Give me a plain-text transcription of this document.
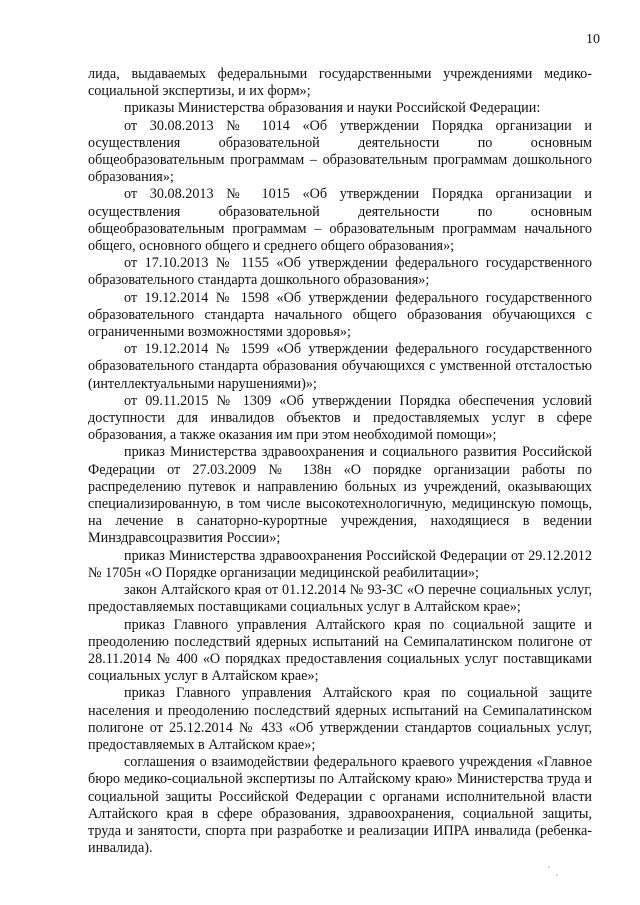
10

лида, выдаваемых федеральными государственными учреждениями медико-социальной экспертизы, и их форм»;

приказы Министерства образования и науки Российской Федерации:

от 30.08.2013 № 1014 «Об утверждении Порядка организации и осуществления образовательной деятельности по основным общеобразовательным программам – образовательным программам дошкольного образования»;

от 30.08.2013 № 1015 «Об утверждении Порядка организации и осуществления образовательной деятельности по основным общеобразовательным программам – образовательным программам начального общего, основного общего и среднего общего образования»;

от 17.10.2013 № 1155 «Об утверждении федерального государственного образовательного стандарта дошкольного образования»;

от 19.12.2014 № 1598 «Об утверждении федерального государственного образовательного стандарта начального общего образования обучающихся с ограниченными возможностями здоровья»;

от 19.12.2014 № 1599 «Об утверждении федерального государственного образовательного стандарта образования обучающихся с умственной отсталостью (интеллектуальными нарушениями)»;

от 09.11.2015 № 1309 «Об утверждении Порядка обеспечения условий доступности для инвалидов объектов и предоставляемых услуг в сфере образования, а также оказания им при этом необходимой помощи»;

приказ Министерства здравоохранения и социального развития Российской Федерации от 27.03.2009 № 138н «О порядке организации работы по распределению путевок и направлению больных из учреждений, оказывающих специализированную, в том числе высокотехнологичную, медицинскую помощь, на лечение в санаторно-курортные учреждения, находящиеся в ведении Минздравсоцразвития России»;

приказ Министерства здравоохранения Российской Федерации от 29.12.2012 № 1705н «О Порядке организации медицинской реабилитации»;

закон Алтайского края от 01.12.2014 № 93-ЗС «О перечне социальных услуг, предоставляемых поставщиками социальных услуг в Алтайском крае»;

приказ Главного управления Алтайского края по социальной защите и преодолению последствий ядерных испытаний на Семипалатинском полигоне от 28.11.2014 № 400 «О порядках предоставления социальных услуг поставщиками социальных услуг в Алтайском крае»;

приказ Главного управления Алтайского края по социальной защите населения и преодолению последствий ядерных испытаний на Семипалатинском полигоне от 25.12.2014 № 433 «Об утверждении стандартов социальных услуг, предоставляемых в Алтайском крае»;

соглашения о взаимодействии федерального краевого учреждения «Главное бюро медико-социальной экспертизы по Алтайскому краю» Министерства труда и социальной защиты Российской Федерации с органами исполнительной власти Алтайского края в сфере образования, здравоохранения, социальной защиты, труда и занятости, спорта при разработке и реализации ИПРА инвалида (ребенка-инвалида).
